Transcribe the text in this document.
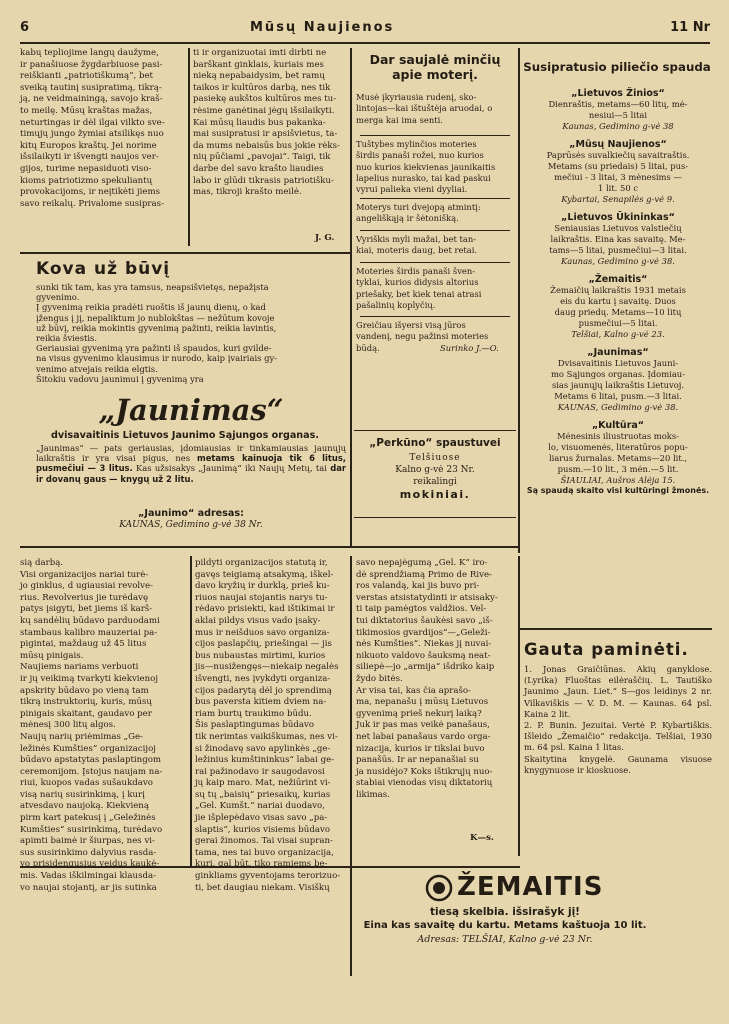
6	Mūsų Naujienos	11 Nr
kabų tepliojime langų daužyme,
ir panašiuose žygdarbiuose pasi-
reiškianti „patriotiškumą“, bet
sveiką tautinį susipratimą, tikrą-
ją, ne veidmainingą, savojo kraš-
to meilę. Mūsų kraštas mažas,
neturtingas ir dėl ilgai vilkto sve-
timųjų jungo žymiai atsilikęs nuo
kitų Europos kraštų. Jei norime
išsilaikyti ir išvengti naujos ver-
gijos, turime nepasiduoti viso-
kioms patriotizmo spekuliantų
provokacijoms, ir neįtikėti jiems
savo reikalų. Privalome susipras-
ti ir organizuotai imti dirbti ne
barškant ginklais, kuriais mes
nieką nepabaidysim, bet ramų
taikos ir kultūros darbą, nes tik
pasiekę aukštos kultūros mes tu-
rėsime ganėtinai jėgų išsilaikyti.
Kai mūsų liaudis bus pakanka-
mai susipratusi ir apsišvietus, ta-
da mums nebaisūs bus jokie rėks-
nių pūčiami „pavojai“. Taigi, tik
darbe del savo krašto liaudies
labo ir glūdi tikrasis patriotišku-
mas, tikroji krašto meilė.
J. G.
Kova už būvį
sunki tik tam, kas yra tamsus, neapsišvietęs, nepažįsta
gyvenimo.
Į gyvenimą reikia pradėti ruoštis iš jaunų dienų, o kad
įžengus į jį, nepaliktum jo nublokštas — nežūtum kovoje
už būvį, reikia mokintis gyvenimą pažinti, reikia lavintis,
reikia šviestis.
Geriausiai gyvenimą yra pažinti iš spaudos, kuri gvilde-
na visus gyvenimo klausimus ir nurodo, kaip įvairiais gy-
venimo atvejais reikia elgtis.
Šitokiu vadovu jaunimui į gyvenimą yra
„Jaunimas“
dvisavaitinis Lietuvos Jaunimo Sąjungos organas.
„Jaunimas“ — pats geriausias, įdomiausias ir tinkamiausias jaunųjų laikraštis ir yra visai pigus, nes metams kainuoja tik 6 litus, pusmečiui — 3 litus. Kas užsisakys „Jaunimą“ iki Naujų Metų, tai dar ir dovanų gaus — knygų už 2 litu.
„Jaunimo“ adresas:
KAUNAS, Gedimino g-vė 38 Nr.
Dar saujalė minčių apie moterį.
Musė įkyriausia rudenį, sko-
lintojas—kai ištuštėja aruodai, o
merga kai ima senti.
Tuštybes mylinčios moteries
širdis panaši rožei, nuo kurios
nuo kurios kiekvienas jaunikaitis
lapelius nurasko, tai kad paskui
vyrui palieka vieni dyyliai.
Moterys turi dvejopą atmintį:
angeliškąją ir šėtonišką.
Vyriškis myli mažai, bet tan-
kiai, moteris daug, bet retai.
Moteries širdis panaši šven-
tyklai, kurios didysis altorius
priešaky, bet kiek tenai atrasi
pašalinių koplyčių.
Greičiau išyersi visą jūros
vandenį, negu pažinsi moteries
būdą.	Surinko J.—O.
„Perkūno“ spaustuvei
Telšiuose
Kalno g-vė 23 Nr.
reikalingi
mokiniai.
Susipratusio piliečio spauda
„Lietuvos Žinios“
Dienraštis, metams—60 litų, mė-
nesiui—5 litai
Kaunas, Gedimino g-vė 38
„Mūsų Naujienos“
Paprūsės suvalkiečių savaitraštis.
Metams (su priedais) 5 litai, pus-
mečiui - 3 litai, 3 mėnesims —
1 lit. 50 c
Kybartai, Senapilės g-vė 9.
„Lietuvos Ūkininkas“
Seniausias Lietuvos valstiečių
laikraštis. Eina kas savaitę. Me-
tams—5 litai, pusmečiui—3 litai.
Kaunas, Gedimino g-vė 38.
„Žemaitis“
Žemaičių laikraštis 1931 metais
eis du kartu į savaitę. Duos
daug priedų. Metams—10 litų
pusmečiui—5 litai.
Telšiai, Kalno g-vė 23.
„Jaunimas“
Dvisavaitinis Lietuvos Jauni-
mo Sąjungos organas. Įdomiau-
sias jaunųjų laikraštis Lietuvoj.
Metams 6 litai, pusm.—3 litai.
KAUNAS, Gedimino g-vė 38.
„Kultūra“
Mėnesinis iliustruotas moks-
lo, visuomenės, literatūros popu-
liarus žurnalas. Metams—20 lit.,
pusm.—10 lit., 3 mėn.—5 lit.
ŠIAULIAI, Aušros Alėja 15.
Są spaudą skaito visi kultūringi žmonės.
Gauta paminėti.
1. Jonas Graičiūnas. Akių ganyklose. (Lyrika) Fluoštas eilėraščių. L. Tautiško Jaunimo „Jaun. Liet.“ S—gos leidinys 2 nr. Vilkaviškis — V. D. M. — Kaunas. 64 psl. Kaina 2 lit.
2. P. Bunin. Jezuitai. Vertė P. Kybartiškis. Išleido „Žemaičio“ redakcija. Telšiai, 1930 m. 64 psl. Kaina 1 litas.
Skaitytina knygelė. Gaunama visuose knygynuose ir kioskuose.
sią darbą.
Visi organizacijos nariai turė-
jo ginklus, d ugiausiai revolve-
rius. Revolverius jie turėdavę
patys įsigyti, bet jiems iš karš-
kų sandėlių būdavo parduodami
stambaus kalibro mauzeriai pa-
pigintai, maždaug už 45 litus
mūsų pinigais.
Naujiems nariams verbuoti
ir jų veikimą tvarkyti kiekvienoj
apskrity būdavo po vieną tam
tikrą instruktorių, kuris, mūsų
pinigais skaitant, gaudavo per
mėnesį 300 litų algos.
Naujų narių priėmimas „Ge-
ležinės Kumšties“ organizacijoj
būdavo apstatytas paslaptingom
ceremonijom. Įstojus naujam na-
riui, kuopos vadas sušaukdavo
visą narių susirinkimą, į kurį
atvesdavo naujoką. Kiekvieną
pirm kart patekusį į „Geležinės
Kumšties“ susirinkimą, turėdavo
apimti baimė ir šiurpas, nes vi-
sus susirinkimo dalyvius rasda-
vo prisidengusius veidus kaukė-
mis. Vadas iškilmingai klausda-
vo naujai stojantį, ar jis sutinka
pildyti organizacijos statutą ir,
gavęs teigiamą atsakymą, iškel-
davo kryžių ir durklą, prieš ku-
riuos naujai stojantis narys tu-
rėdavo prisiekti, kad ištikimai ir
aklai pildys visus vado įsaky-
mus ir neišduos savo organiza-
cijos paslapčių, priešingai — jis
bus nubaustas mirtimi, kurios
jis—nusižengęs—niekaip negalės
išvengti, nes įvykdyti organiza-
cijos padarytą dėl jo sprendimą
bus paversta kitiem dviem na-
riam burtų traukimo būdu.
Šis paslaptingumas būdavo
tik nerimtas vaikiškumas, nes vi-
si žinodavę savo apylinkės „ge-
ležinius kumštininkus“ labai ge-
rai pažinodavo ir saugodavosi
jų kaip maro. Mat, nežiūrint vi-
sų tų „baisių“ priesaikų, kurias
„Gel. Kumšt.“ nariai duodavo,
jie išplepėdavo visas savo „pa-
slaptis“, kurios visiems būdavo
gerai žinomos. Tai visai supran-
tama, nes tai buvo organizacija,
kuri, gal būt, tiko ramiems be-
ginkliams gyventojams terorizuo-
ti, bet daugiau niekam. Visiškų
savo nepajėgumą „Gel. K“ iro-
dė sprendžiamą Primo de Rive-
ros valandą, kai jis buvo pri-
verstas atsistatydinti ir atsisaky-
ti taip pamėgtos valdžios. Vel-
tui diktatorius šaukėsi savo „iš-
tikimosios gvardijos“—„Geleži-
nės Kumšties“. Niekas jį nuvai-
nikuoto valdovo šauksmą neat-
siliepė—jo „armija“ išdriko kaip
žydo bitės.
Ar visa tai, kas čia aprašo-
ma, nepanašu į mūsų Lietuvos
gyvenimą prieš nekurį laiką?
Juk ir pas mas veikė panašaus,
net labai panašaus vardo orga-
nizacija, kurios ir tikslai buvo
panašūs. Ir ar nepanašiai su
ja nusidėjo? Koks ištikrųjų nuo-
stabiai vienodas visų diktatorių
likimas.
K—s.
ŽEMAITIS
tiesą skelbia. išsirašyk jį!
Eina kas savaitę du kartu. Metams kaštuoja 10 lit.
Adresas: TELŠIAI, Kalno g-vė 23 Nr.
